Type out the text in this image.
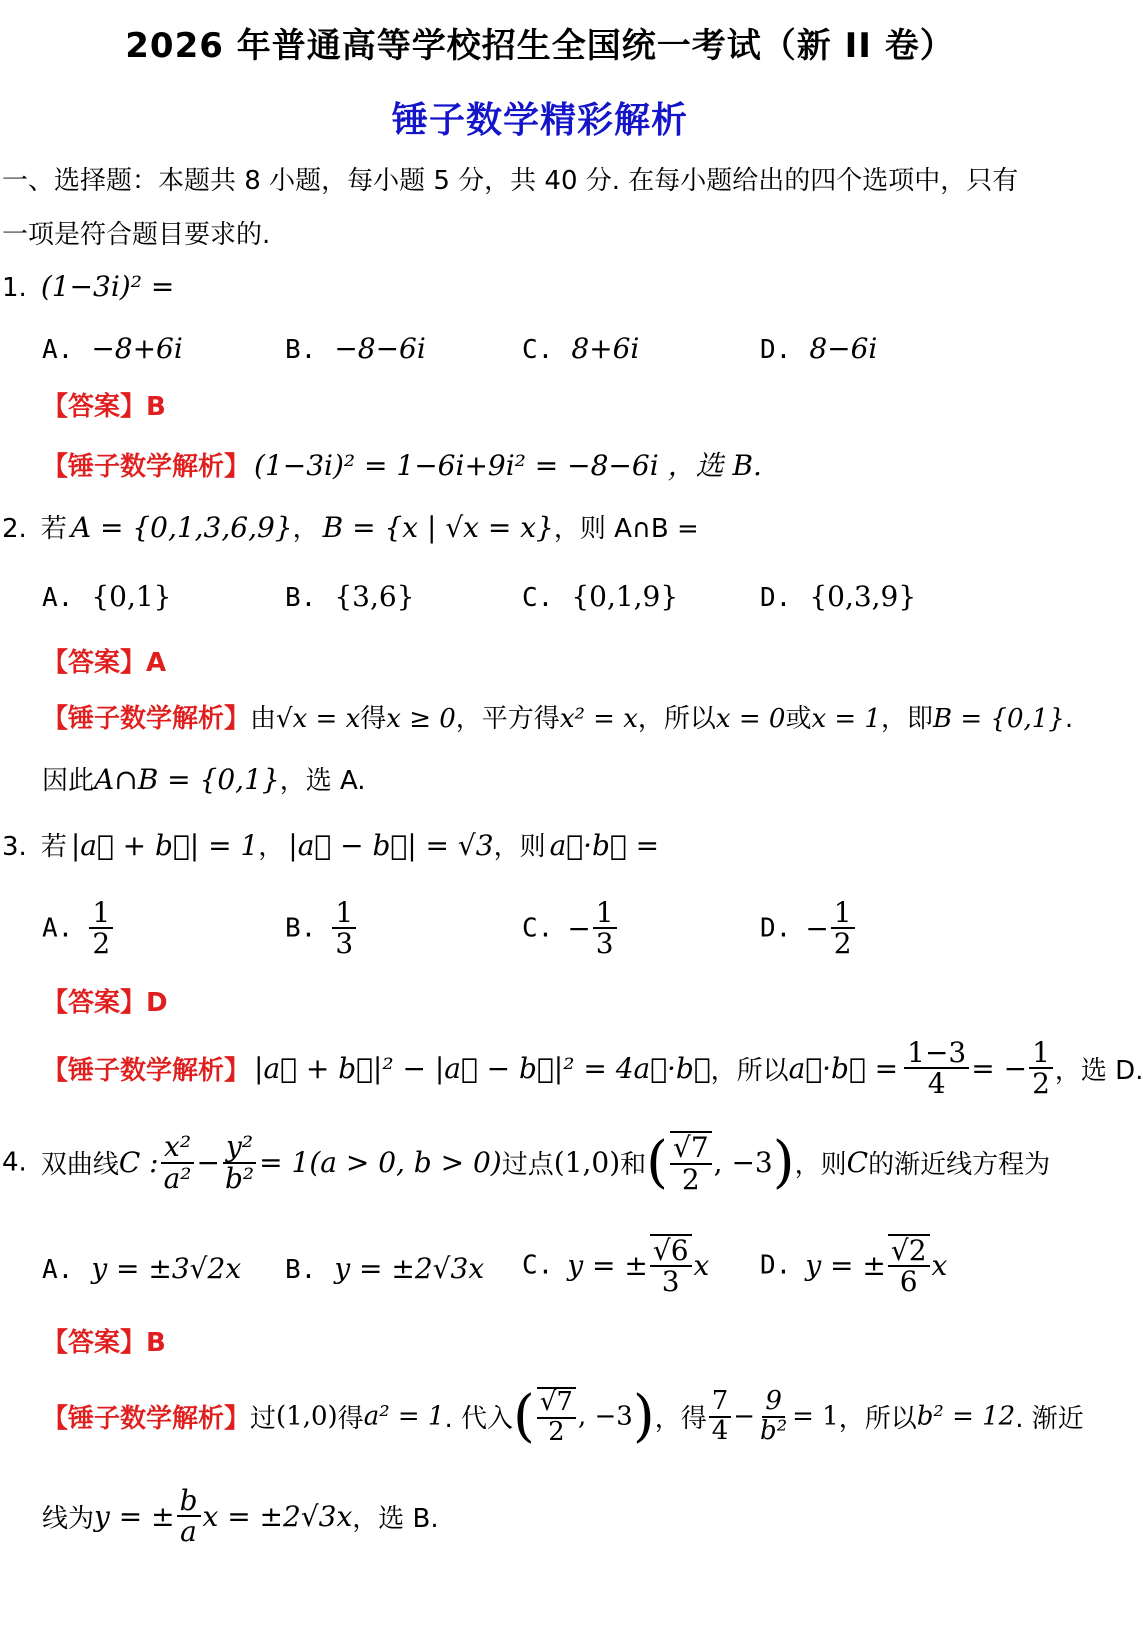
2026 年普通高等学校招生全国统一考试（新 II 卷）
锤子数学精彩解析
一、选择题：本题共 8 小题，每小题 5 分，共 40 分. 在每小题给出的四个选项中，只有
一项是符合题目要求的.
1. (1−3i)² =
A. −8+6i	B. −8−6i	C. 8+6i	D. 8−6i
【答案】B
【锤子数学解析】 (1−3i)² = 1−6i+9i² = −8−6i ，选 B.
2. 若 A = {0,1,3,6,9}， B = {x | √x = x}，则 A∩B =
A. {0,1}	B. {3,6}	C. {0,1,9}	D. {0,3,9}
【答案】A
【锤子数学解析】由√x = x得x ≥ 0，平方得x² = x，所以x = 0或x = 1，即B = {0,1}.
因此A∩B = {0,1}，选 A.
3. 若 |a⃗ + b⃗| = 1， |a⃗ − b⃗| = √3，则 a⃗·b⃗ =
A. $\frac{1}{2}$	B. $\frac{1}{3}$	C. − $\frac{1}{3}$	D. − $\frac{1}{2}$
【答案】D
【锤子数学解析】 |a⃗ + b⃗|² − |a⃗ − b⃗|² = 4a⃗·b⃗，所以a⃗·b⃗ = $\frac{1-3}{4}$ = − $\frac{1}{2}$ ，选 D.
4. 双曲线C : $\frac{\text{x²}}{\text{a²}} - \frac{\text{y²}}{\text{b²}} = 1(a > 0$, b > 0)过点(1,0)和( $\frac{√7}{2}$ , −3)，则C的渐近线方程为
A. y = ±3√2x B. y = ±2√3x C. y = ± $\frac{√6}{3}$ x D. y = ± $\frac{√2}{6}$ x
【答案】B
【锤子数学解析】过(1,0)得a² = 1. 代入( $\frac{√7}{2}$ , −3)，得 $\frac{7}{4} - \frac{9}{\text{b²}} = 1$，所以b² = 12. 渐近
线为y = ± $\frac{b}{a}$ x = ±2√3x，选 B.
